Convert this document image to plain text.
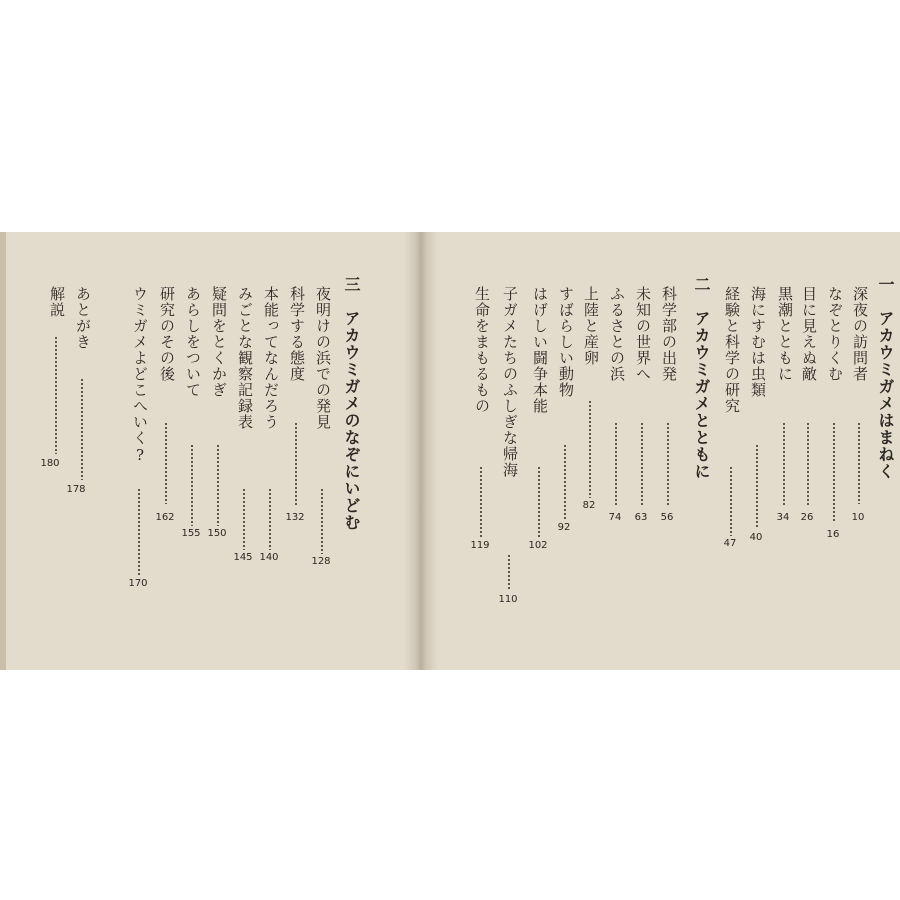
一　アカウミガメはまねく
深夜の訪問者
10
なぞとりくむ
16
目に見えぬ敵
26
黒潮とともに
34
海にすむは虫類
40
経験と科学の研究
47
二　アカウミガメとともに
科学部の出発
56
未知の世界へ
63
ふるさとの浜
74
上陸と産卵
82
すばらしい動物
92
はげしい闘争本能
102
子ガメたちのふしぎな帰海
110
生命をまもるもの
119
三　アカウミガメのなぞにいどむ
夜明けの浜での発見
128
科学する態度
132
本能ってなんだろう
140
みごとな観察記録表
145
疑問をとくかぎ
150
あらしをついて
155
研究のその後
162
ウミガメよどこへいく?
170
あとがき
178
解説
180
